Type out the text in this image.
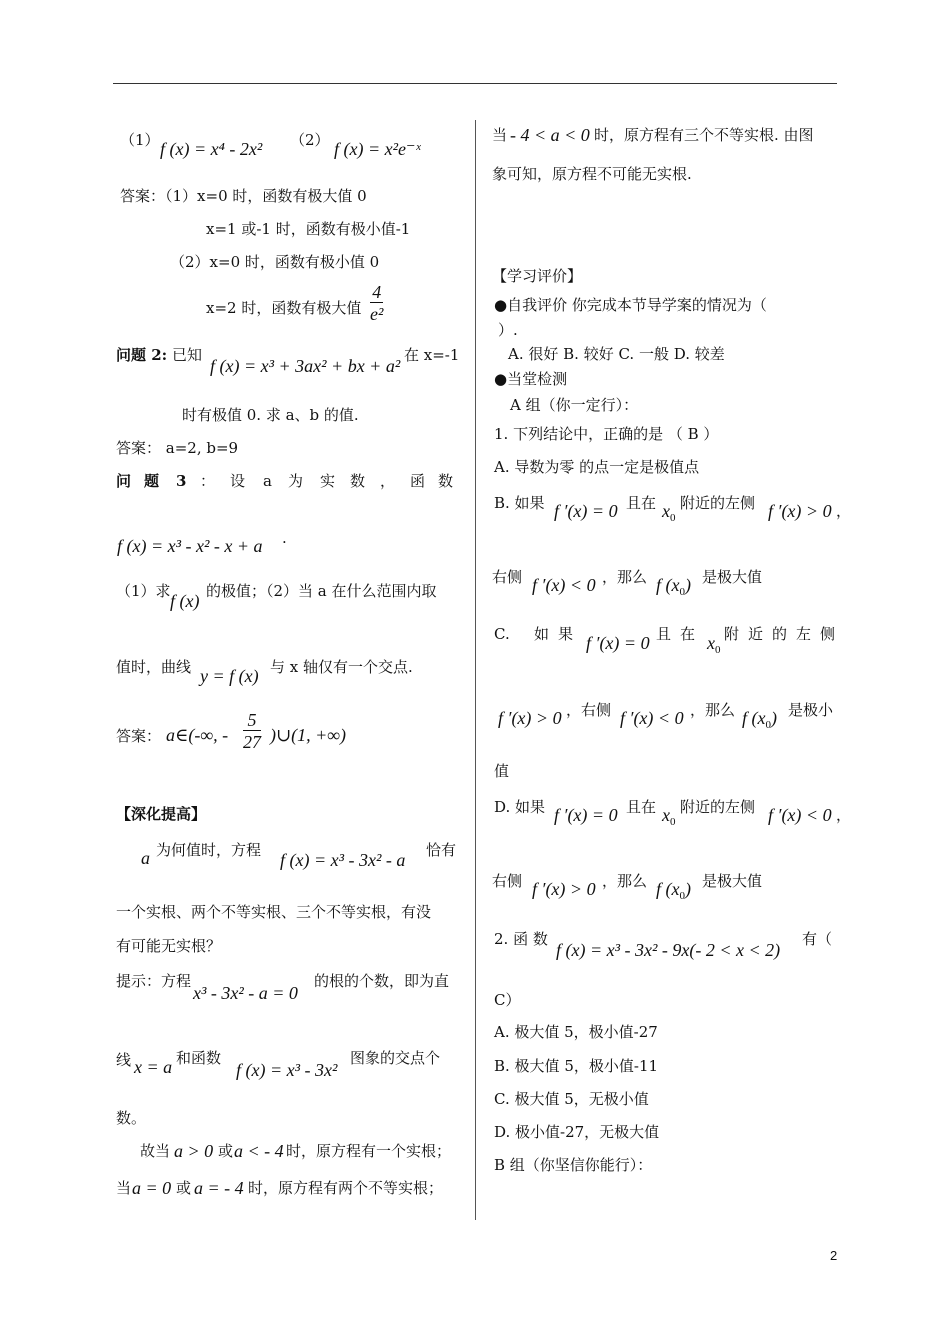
（1） f (x) = x⁴ - 2x² （2） f (x) = x²e⁻ˣ
答案：（1）x=0 时，函数有极大值 0
x=1 或-1 时，函数有极小值-1
（2）x=0 时，函数有极小值 0
x=2 时，函数有极大值 $\frac{4}{\text{e²}}$
问题 2: 已知
f (x) = x³ + 3ax² + bx + a²
在 x=-1
时有极值 0. 求 a、b 的值.
答案： a=2, b=9
问 题 3 ： 设 a 为 实 数 ， 函 数
f (x) = x³ - x² - x + a .
（1）求 f (x) 的极值；（2）当 a 在什么范围内取
值时，曲线 y = f (x) 与 x 轴仅有一个交点.
答案： a∈(-∞, - $\frac{5}{27}$ )∪(1, +∞)
【深化提高】
a 为何值时，方程 f (x) = x³ - 3x² - a 恰有
一个实根、两个不等实根、三个不等实根，有没
有可能无实根？
提示：方程
x³ - 3x² - a = 0
的根的个数，即为直
线 x = a 和函数
f (x) = x³ - 3x²
图象的交点个
数。
故当 a > 0 或 a < - 4 时，原方程有一个实根；
当 a = 0 或 a = - 4 时，原方程有两个不等实根；
当 - 4 < a < 0 时，原方程有三个不等实根. 由图
象可知，原方程不可能无实根.
【学习评价】
●自我评价 你完成本节导学案的情况为（
）.
A. 很好 B. 较好 C. 一般 D. 较差
●当堂检测
A 组（你一定行）：
1. 下列结论中，正确的是 （ B ）
A. 导数为零 的点一定是极值点
B. 如果 f ′(x) = 0 且在 $x_0$
附近的左侧 f ′(x) > 0 ，
右侧 f ′(x) < 0 ，那么 f $(x_0)$ 是极大值
C. 如 果 f ′(x) = 0 且 在 $x_0$
附 近 的 左 侧
f ′(x) > 0 ，右侧 f ′(x) < 0 ，那么 f $(x_0)$ 是极小
值
D. 如果 f ′(x) = 0 且在 $x_0$
附近的左侧 f ′(x) < 0 ，
右侧 f ′(x) > 0 ，那么 f $(x_0)$ 是极大值
2. 函 数
f (x) = x³ - 3x² - 9x(- 2 < x < 2)
有（
C）
A. 极大值 5，极小值-27
B. 极大值 5，极小值-11
C. 极大值 5，无极小值
D. 极小值-27，无极大值
B 组（你坚信你能行）：
2
